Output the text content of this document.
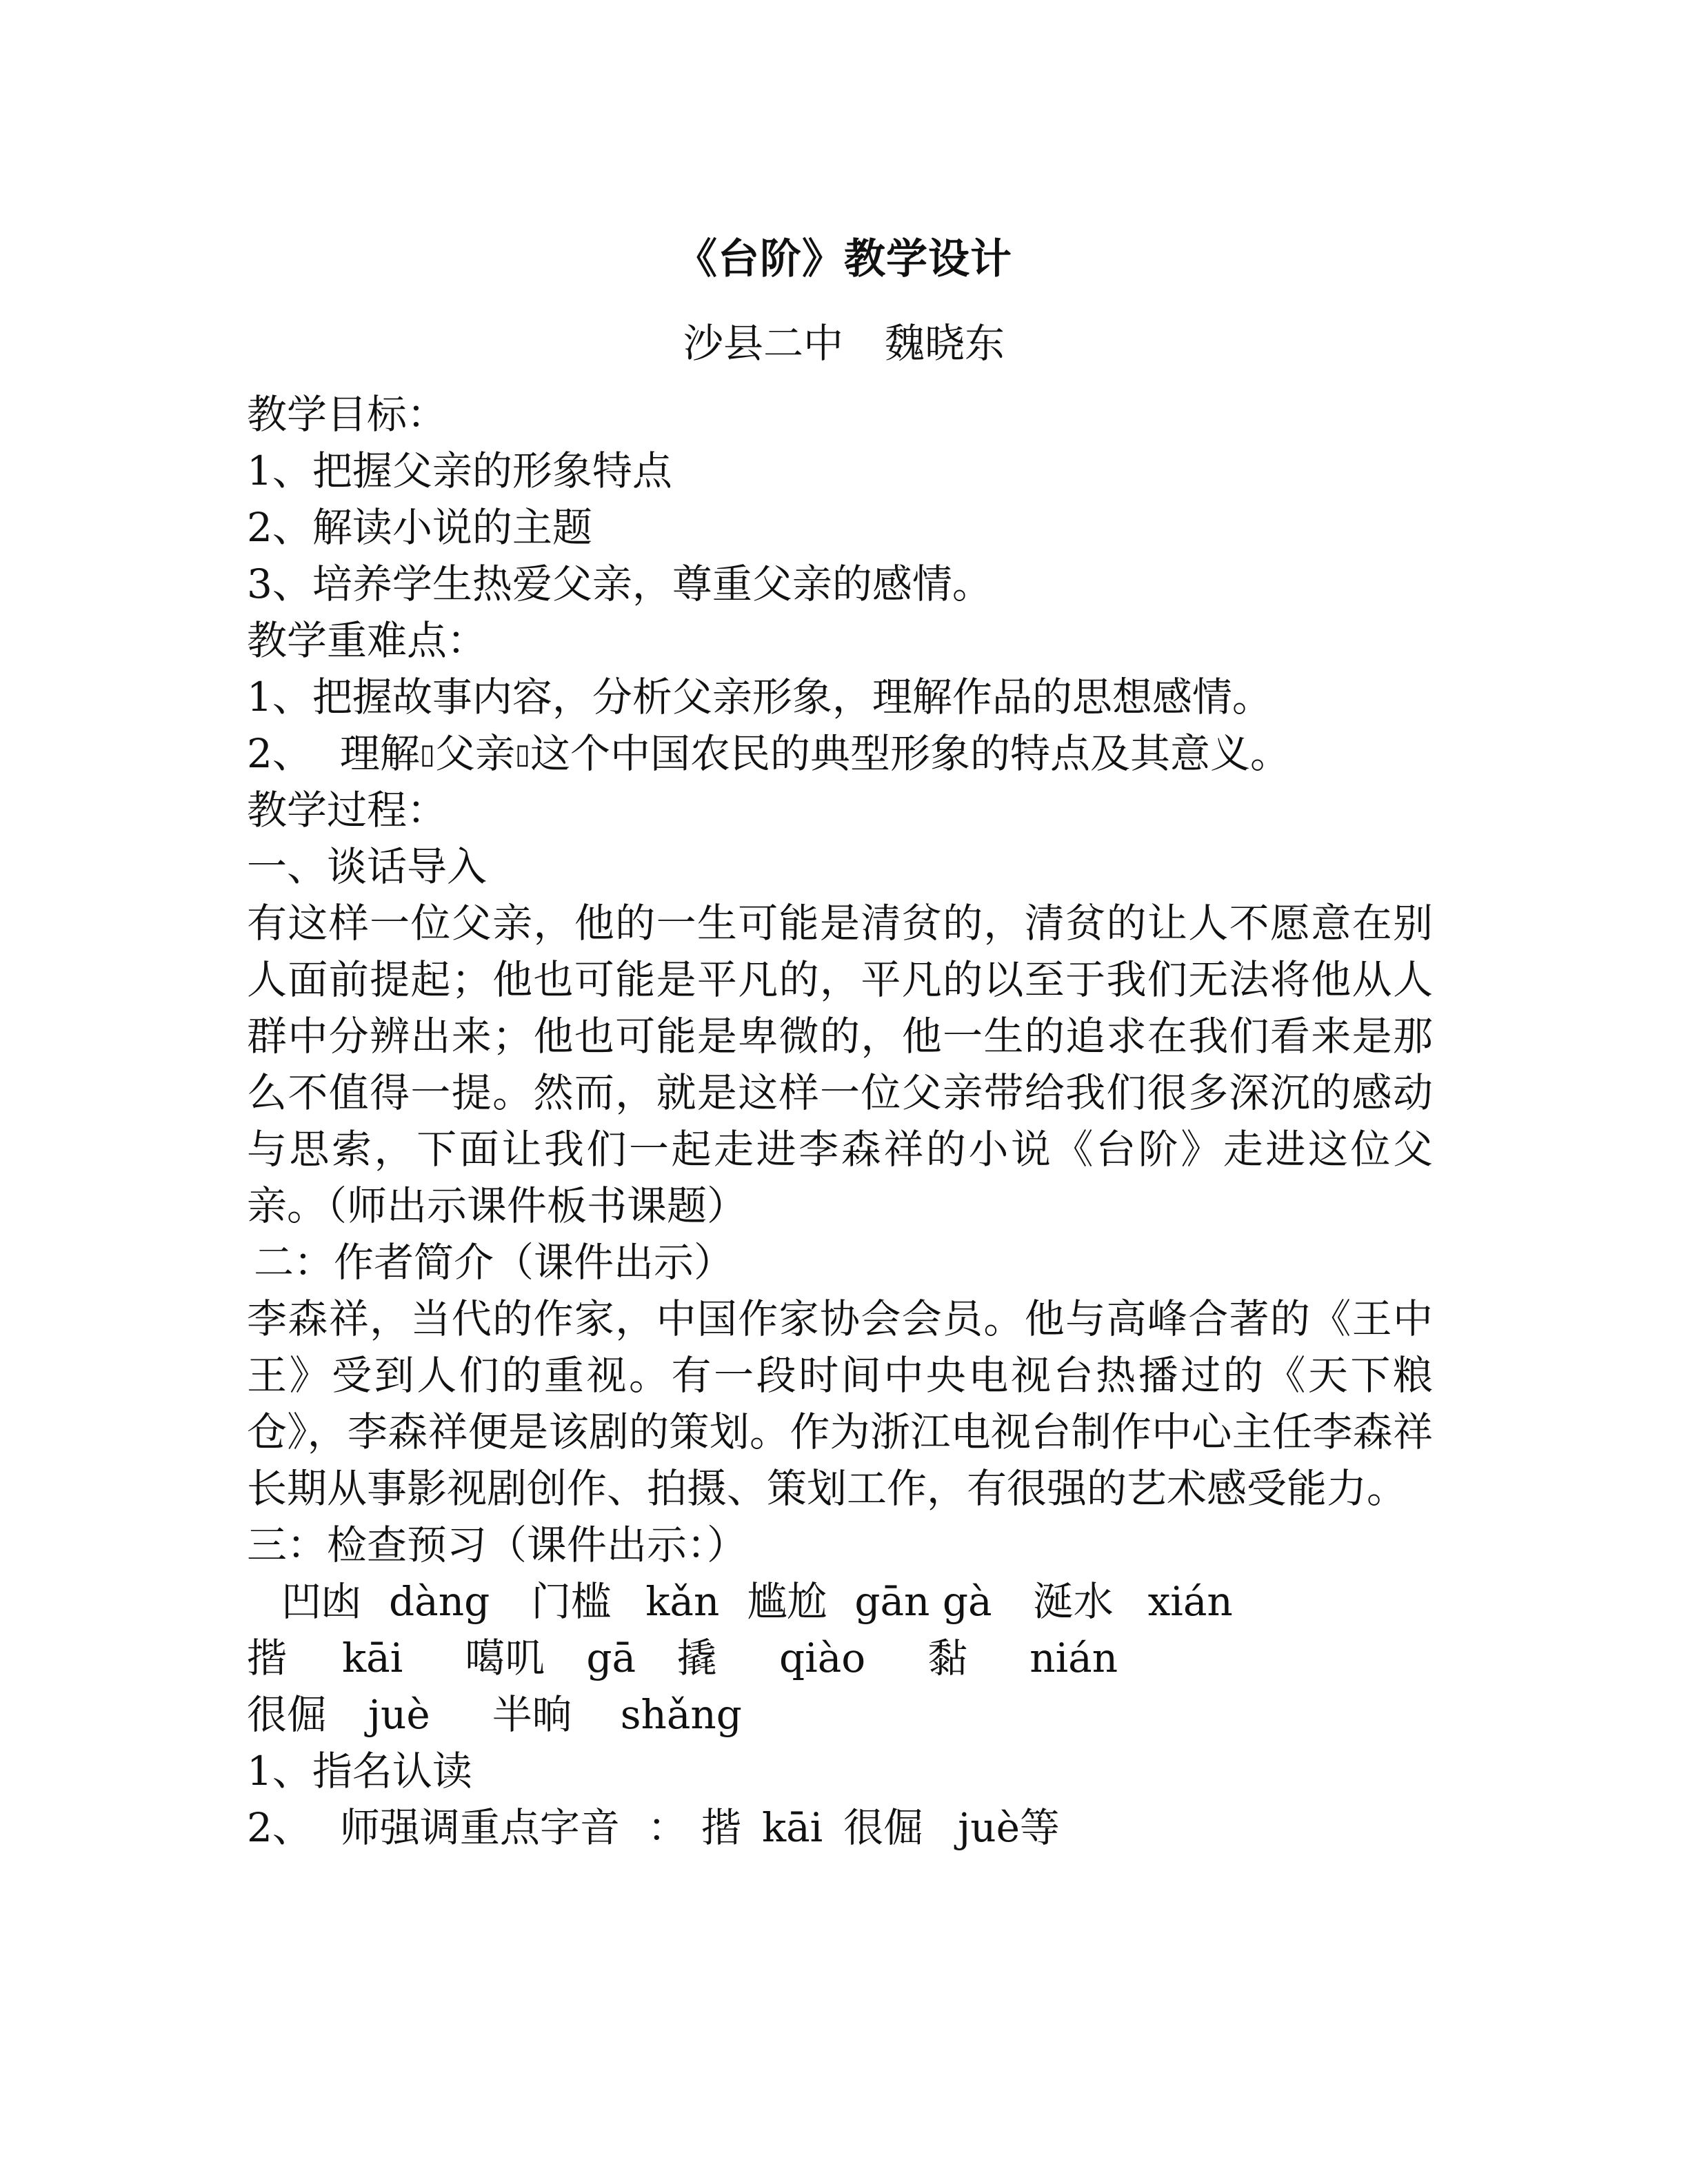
《台阶》教学设计
沙县二中 魏晓东
教学目标：
1、把握父亲的形象特点
2、解读小说的主题
3、培养学生热爱父亲，尊重父亲的感情。
教学重难点：
1、把握故事内容，分析父亲形象，理解作品的思想感情。
2、 理解▯父亲▯这个中国农民的典型形象的特点及其意义。
教学过程：
一、谈话导入
有这样一位父亲，他的一生可能是清贫的，清贫的让人不愿意在别人面前提起；他也可能是平凡的，平凡的以至于我们无法将他从人群中分辨出来；他也可能是卑微的，他一生的追求在我们看来是那么不值得一提。然而，就是这样一位父亲带给我们很多深沉的感动与思索，下面让我们一起走进李森祥的小说《台阶》走进这位父亲。（师出示课件板书课题）
二：作者简介（课件出示）
李森祥，当代的作家，中国作家协会会员。他与高峰合著的《王中王》受到人们的重视。有一段时间中央电视台热播过的《天下粮仓》，李森祥便是该剧的策划。作为浙江电视台制作中心主任李森祥长期从事影视剧创作、拍摄、策划工作，有很强的艺术感受能力。
三：检查预习（课件出示：）
凹凼 dàng 门槛 kǎn 尴尬 gān gà 涎水 xián
揩 kāi 噶叽 gā 撬 qiào 黏 nián
很倔 juè 半晌 shǎng
1、指名认读
2、 师强调重点字音 ： 揩 kāi 很倔 juè等
